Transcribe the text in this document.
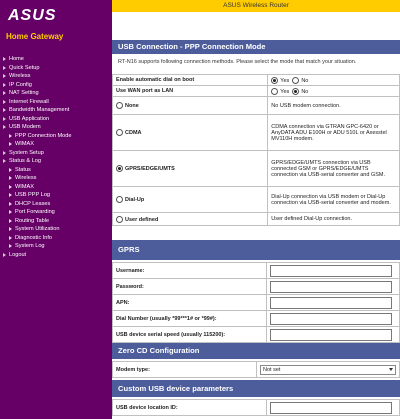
ASUS
Home Gateway
Home
Quick Setup
Wireless
IP Config
NAT Setting
Internet Firewall
Bandwidth Management
USB Application
USB Modem
PPP Connection Mode
WIMAX
System Setup
Status & Log
Status
Wireless
WIMAX
USB PPP Log
DHCP Leases
Port Forwarding
Routing Table
System Utilization
Diagnostic Info
System Log
Logout
ASUS Wireless Router
USB Connection - PPP Connection Mode
RT-N16 supports following connection methods. Please select the mode that match your situation.
Enable automatic dial on boot	Yes No
Use WAN port as LAN	Yes No
None	No USB modem connection.
CDMA	CDMA connection via GTRAN GPC-6420 or AnyDATA ADU E100H or ADU 510L or Axesstel MV110H modem.
GPRS/EDGE/UMTS	GPRS/EDGE/UMTS connection via USB connected GSM or GPRS/EDGE/UMTS connection via USB-serial converter and GSM.
Dial-Up	Dial-Up connection via USB modem or Dial-Up connection via USB-serial converter and modem.
User defined	User defined Dial-Up connection.
GPRS
Username:	

Password:	

APN:	

Dial Number (usually *99***1# or *99#):	

USB device serial speed (usually 115200):	
Zero CD Configuration
Modem type:	Not set
Custom USB device parameters
USB device location ID:	
